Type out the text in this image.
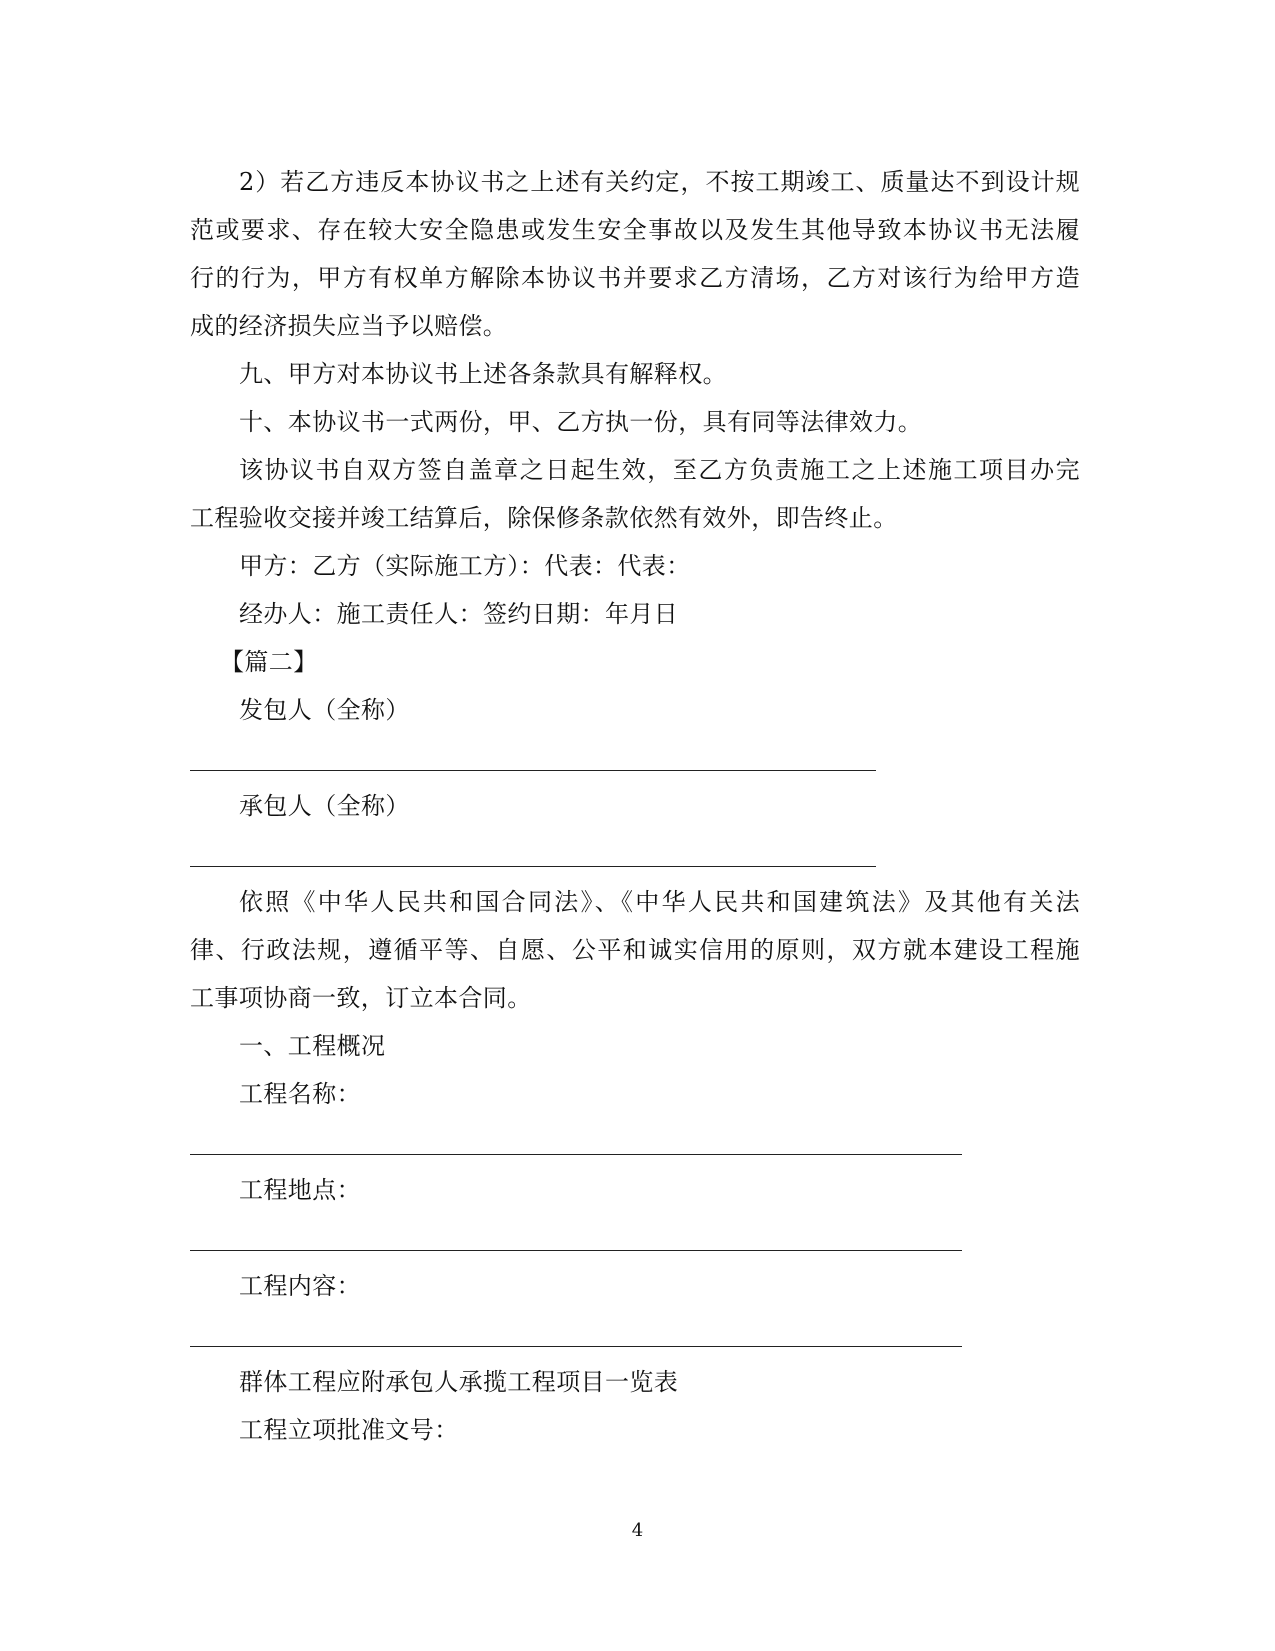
2）若乙方违反本协议书之上述有关约定，不按工期竣工、质量达不到设计规

范或要求、存在较大安全隐患或发生安全事故以及发生其他导致本协议书无法履

行的行为，甲方有权单方解除本协议书并要求乙方清场，乙方对该行为给甲方造

成的经济损失应当予以赔偿。

九、甲方对本协议书上述各条款具有解释权。

十、本协议书一式两份，甲、乙方执一份，具有同等法律效力。

该协议书自双方签自盖章之日起生效，至乙方负责施工之上述施工项目办完

工程验收交接并竣工结算后，除保修条款依然有效外，即告终止。

甲方：乙方（实际施工方）：代表：代表：

经办人：施工责任人：签约日期：年月日

【篇二】

发包人（全称）

承包人（全称）

依照《中华人民共和国合同法》、《中华人民共和国建筑法》及其他有关法

律、行政法规，遵循平等、自愿、公平和诚实信用的原则，双方就本建设工程施

工事项协商一致，订立本合同。

一、工程概况

工程名称：

工程地点：

工程内容：

群体工程应附承包人承揽工程项目一览表

工程立项批准文号：

4
